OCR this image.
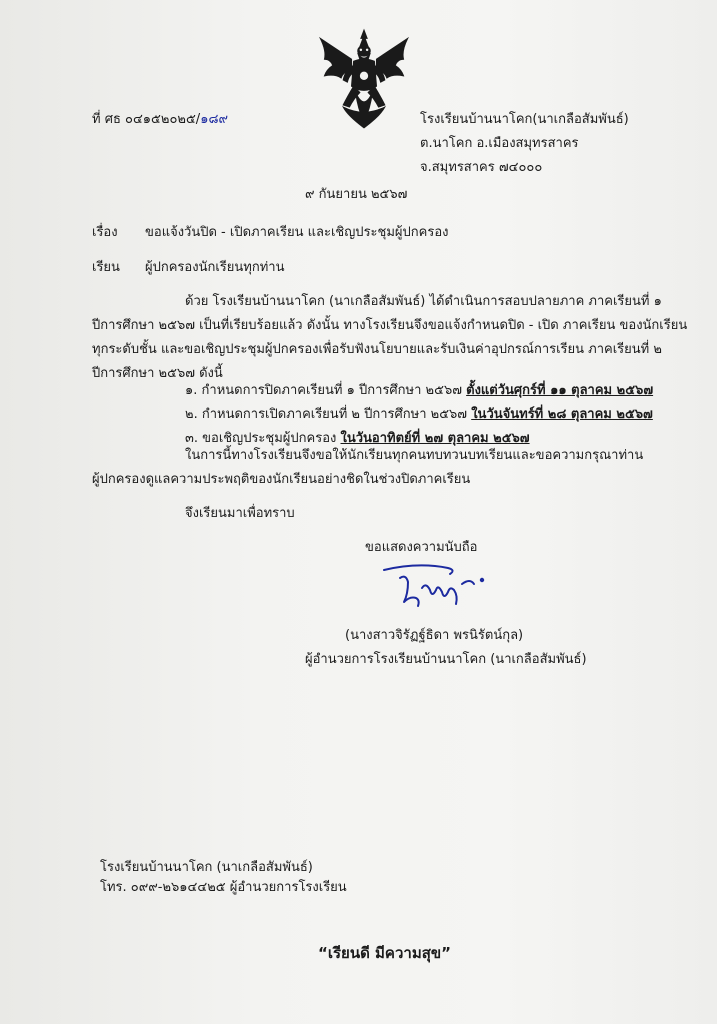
ที่ ศธ ๐๔๑๕๒๐๒๕/๑๘๙	โรงเรียนบ้านนาโคก(นาเกลือสัมพันธ์)
ต.นาโคก อ.เมืองสมุทรสาคร
จ.สมุทรสาคร ๗๔๐๐๐
๙ กันยายน ๒๕๖๗
เรื่อง ขอแจ้งวันปิด - เปิดภาคเรียน และเชิญประชุมผู้ปกครอง
เรียน ผู้ปกครองนักเรียนทุกท่าน
ด้วย โรงเรียนบ้านนาโคก (นาเกลือสัมพันธ์) ได้ดำเนินการสอบปลายภาค ภาคเรียนที่ ๑
ปีการศึกษา ๒๕๖๗ เป็นที่เรียบร้อยแล้ว ดังนั้น ทางโรงเรียนจึงขอแจ้งกำหนดปิด - เปิด ภาคเรียน ของนักเรียน
ทุกระดับชั้น และขอเชิญประชุมผู้ปกครองเพื่อรับฟังนโยบายและรับเงินค่าอุปกรณ์การเรียน ภาคเรียนที่ ๒
ปีการศึกษา ๒๕๖๗ ดังนี้
๑. กำหนดการปิดภาคเรียนที่ ๑ ปีการศึกษา ๒๕๖๗ ตั้งแต่วันศุกร์ที่ ๑๑ ตุลาคม ๒๕๖๗
๒. กำหนดการเปิดภาคเรียนที่ ๒ ปีการศึกษา ๒๕๖๗ ในวันจันทร์ที่ ๒๘ ตุลาคม ๒๕๖๗
๓. ขอเชิญประชุมผู้ปกครอง ในวันอาทิตย์ที่ ๒๗ ตุลาคม ๒๕๖๗
ในการนี้ทางโรงเรียนจึงขอให้นักเรียนทุกคนทบทวนบทเรียนและขอความกรุณาท่าน
ผู้ปกครองดูแลความประพฤติของนักเรียนอย่างชิดในช่วงปิดภาคเรียน
จึงเรียนมาเพื่อทราบ
ขอแสดงความนับถือ
(นางสาวจิรัฏฐ์ธิดา พรนิรัตน์กุล)
ผู้อำนวยการโรงเรียนบ้านนาโคก (นาเกลือสัมพันธ์)
โรงเรียนบ้านนาโคก (นาเกลือสัมพันธ์)
โทร. ๐๙๙-๒๖๑๔๔๒๕ ผู้อำนวยการโรงเรียน
“เรียนดี มีความสุข”
